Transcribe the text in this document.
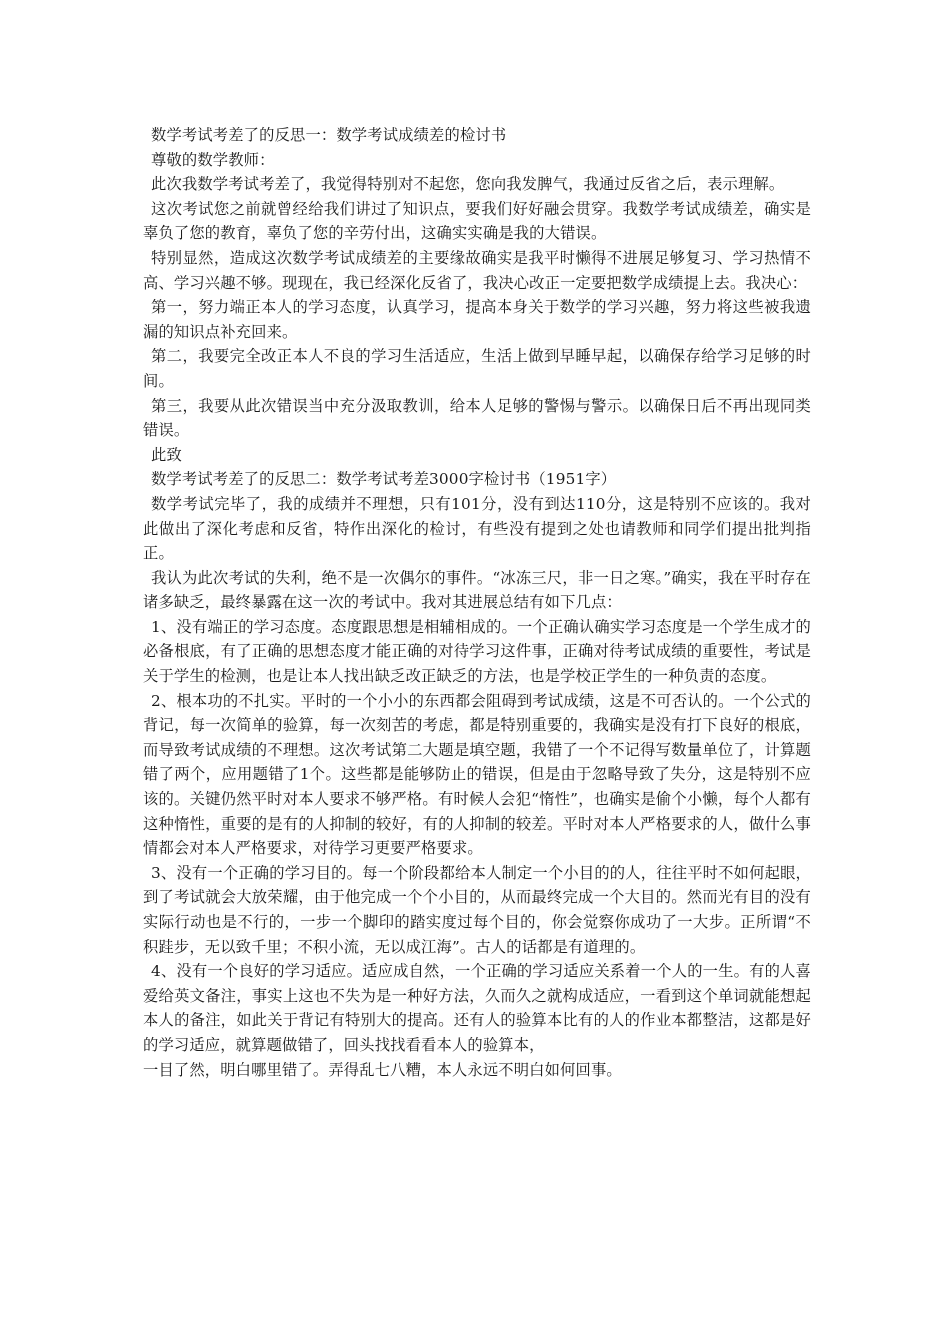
数学考试考差了的反思一：数学考试成绩差的检讨书

尊敬的数学教师：

此次我数学考试考差了，我觉得特别对不起您，您向我发脾气，我通过反省之后，表示理解。

这次考试您之前就曾经给我们讲过了知识点，要我们好好融会贯穿。我数学考试成绩差，确实是辜负了您的教育，辜负了您的辛劳付出，这确实实确是我的大错误。

特别显然，造成这次数学考试成绩差的主要缘故确实是我平时懒得不进展足够复习、学习热情不高、学习兴趣不够。现现在，我已经深化反省了，我决心改正一定要把数学成绩提上去。我决心：

第一，努力端正本人的学习态度，认真学习，提高本身关于数学的学习兴趣，努力将这些被我遗漏的知识点补充回来。

第二，我要完全改正本人不良的学习生活适应，生活上做到早睡早起，以确保存给学习足够的时间。

第三，我要从此次错误当中充分汲取教训，给本人足够的警惕与警示。以确保日后不再出现同类错误。

此致

数学考试考差了的反思二：数学考试考差3000字检讨书（1951字）

数学考试完毕了，我的成绩并不理想，只有101分，没有到达110分，这是特别不应该的。我对此做出了深化考虑和反省，特作出深化的检讨，有些没有提到之处也请教师和同学们提出批判指正。

我认为此次考试的失利，绝不是一次偶尔的事件。“冰冻三尺，非一日之寒。”确实，我在平时存在诸多缺乏，最终暴露在这一次的考试中。我对其进展总结有如下几点：

1、没有端正的学习态度。态度跟思想是相辅相成的。一个正确认确实学习态度是一个学生成才的必备根底，有了正确的思想态度才能正确的对待学习这件事，正确对待考试成绩的重要性，考试是关于学生的检测，也是让本人找出缺乏改正缺乏的方法，也是学校正学生的一种负责的态度。

2、根本功的不扎实。平时的一个小小的东西都会阻碍到考试成绩，这是不可否认的。一个公式的背记，每一次简单的验算，每一次刻苦的考虑，都是特别重要的，我确实是没有打下良好的根底，而导致考试成绩的不理想。这次考试第二大题是填空题，我错了一个不记得写数量单位了，计算题错了两个，应用题错了1个。这些都是能够防止的错误，但是由于忽略导致了失分，这是特别不应该的。关键仍然平时对本人要求不够严格。有时候人会犯“惰性”，也确实是偷个小懒，每个人都有这种惰性，重要的是有的人抑制的较好，有的人抑制的较差。平时对本人严格要求的人，做什么事情都会对本人严格要求，对待学习更要严格要求。

3、没有一个正确的学习目的。每一个阶段都给本人制定一个小目的的人，往往平时不如何起眼，到了考试就会大放荣耀，由于他完成一个个小目的，从而最终完成一个大目的。然而光有目的没有实际行动也是不行的，一步一个脚印的踏实度过每个目的，你会觉察你成功了一大步。正所谓“不积跬步，无以致千里；不积小流，无以成江海”。古人的话都是有道理的。

4、没有一个良好的学习适应。适应成自然，一个正确的学习适应关系着一个人的一生。有的人喜爱给英文备注，事实上这也不失为是一种好方法，久而久之就构成适应，一看到这个单词就能想起本人的备注，如此关于背记有特别大的提高。还有人的验算本比有的人的作业本都整洁，这都是好的学习适应，就算题做错了，回头找找看看本人的验算本，

一目了然，明白哪里错了。弄得乱七八糟，本人永远不明白如何回事。
